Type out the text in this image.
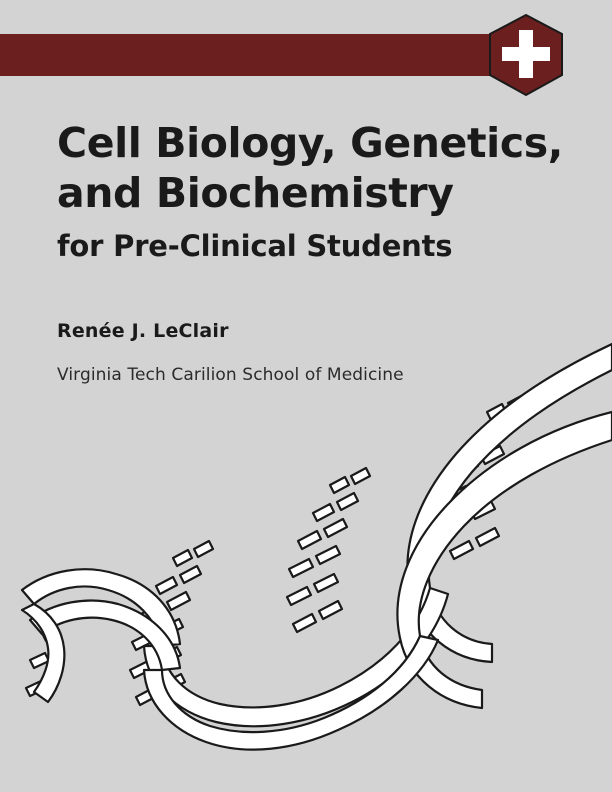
Cell Biology, Genetics,
and Biochemistry
for Pre-Clinical Students
Renée J. LeClair
Virginia Tech Carilion School of Medicine
